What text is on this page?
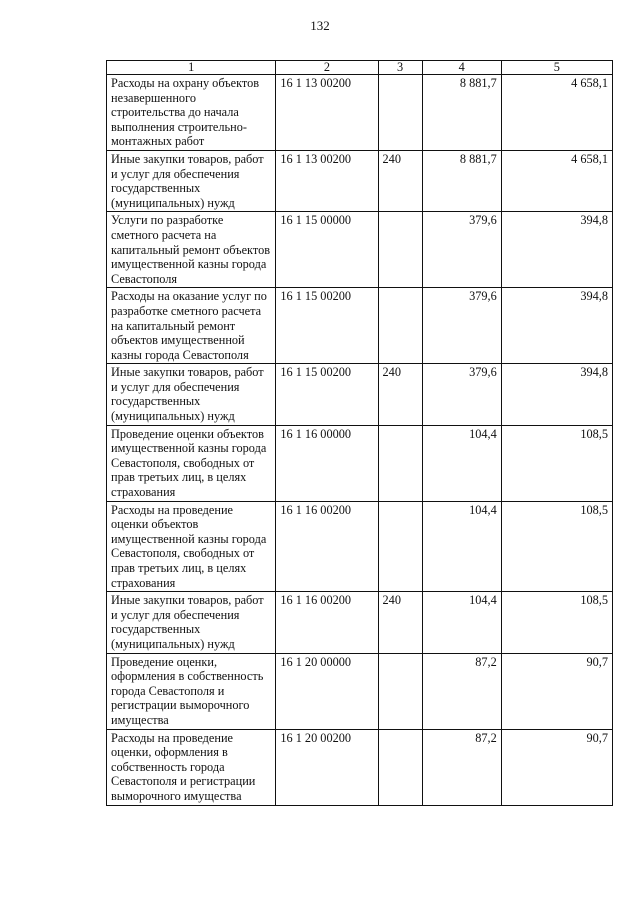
132
1	2	3	4	5
Расходы на охрану объектов незавершенного строительства до начала выполнения строительно-монтажных работ	16 1 13 00200		8 881,7	4 658,1
Иные закупки товаров, работ и услуг для обеспечения государственных (муниципальных) нужд	16 1 13 00200	240	8 881,7	4 658,1
Услуги по разработке сметного расчета на капитальный ремонт объектов имущественной казны города Севастополя	16 1 15 00000		379,6	394,8
Расходы на оказание услуг по разработке сметного расчета на капитальный ремонт объектов имущественной казны города Севастополя	16 1 15 00200		379,6	394,8
Иные закупки товаров, работ и услуг для обеспечения государственных (муниципальных) нужд	16 1 15 00200	240	379,6	394,8
Проведение оценки объектов имущественной казны города Севастополя, свободных от прав третьих лиц, в целях страхования	16 1 16 00000		104,4	108,5
Расходы на проведение оценки объектов имущественной казны города Севастополя, свободных от прав третьих лиц, в целях страхования	16 1 16 00200		104,4	108,5
Иные закупки товаров, работ и услуг для обеспечения государственных (муниципальных) нужд	16 1 16 00200	240	104,4	108,5
Проведение оценки, оформления в собственность города Севастополя и регистрации выморочного имущества	16 1 20 00000		87,2	90,7
Расходы на проведение оценки, оформления в собственность города Севастополя и регистрации выморочного имущества	16 1 20 00200		87,2	90,7
